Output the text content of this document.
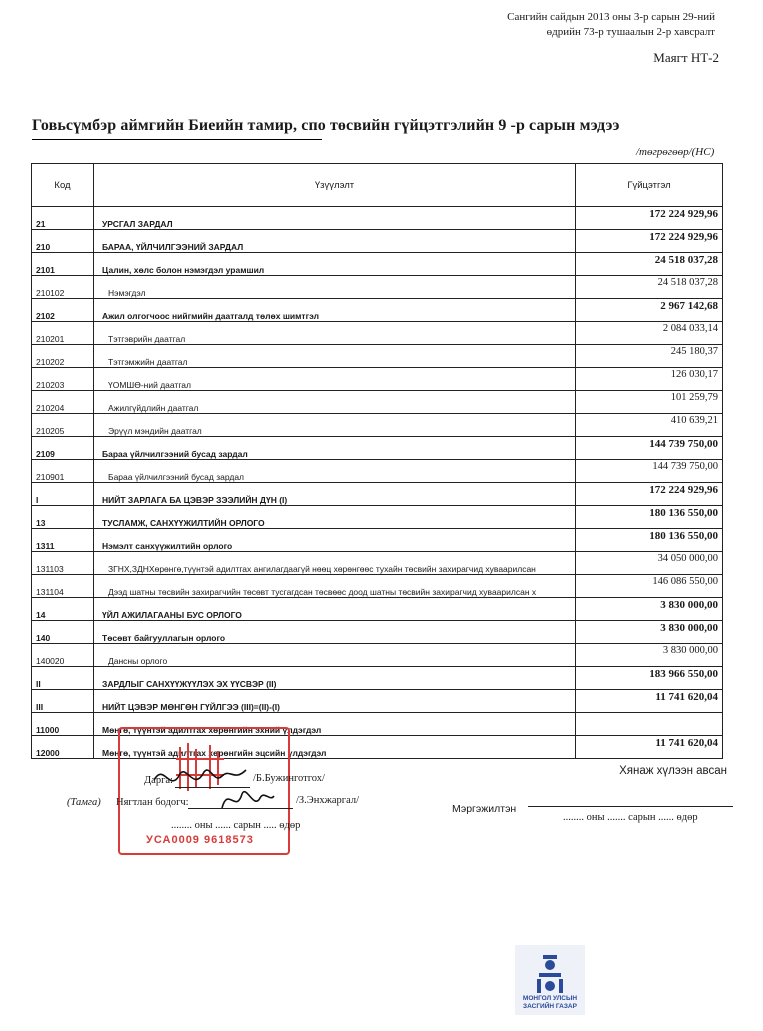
Сангийн сайдын 2013 оны 3-р сарын 29-ний
өдрийн 73-р тушаалын 2-р хавсралт
Маягт НТ-2
Говьсүмбэр аймгийн Биеийн тамир, спо төсвийн гүйцэтгэлийн 9 -р сарын мэдээ
/төгрөгөөр/(НС)
Код	Үзүүлэлт	Гүйцэтгэл
21	УРСГАЛ ЗАРДАЛ	172 224 929,96
210	БАРАА, ҮЙЛЧИЛГЭЭНИЙ ЗАРДАЛ	172 224 929,96
2101	Цалин, хөлс болон нэмэгдэл урамшил	24 518 037,28
210102	Нэмэгдэл	24 518 037,28
2102	Ажил олгогчоос нийгмийн даатгалд төлөх шимтгэл	2 967 142,68
210201	Тэтгэврийн даатгал	2 084 033,14
210202	Тэтгэмжийн даатгал	245 180,37
210203	ҮОМШӨ-ний даатгал	126 030,17
210204	Ажилгүйдлийн даатгал	101 259,79
210205	Эрүүл мэндийн даатгал	410 639,21
2109	Бараа үйлчилгээний бусад зардал	144 739 750,00
210901	Бараа үйлчилгээний бусад зардал	144 739 750,00
I	НИЙТ ЗАРЛАГА БА ЦЭВЭР ЗЭЭЛИЙН ДҮН (I)	172 224 929,96
13	ТУСЛАМЖ, САНХҮҮЖИЛТИЙН ОРЛОГО	180 136 550,00
1311	Нэмэлт санхүүжилтийн орлого	180 136 550,00
131103	ЗГНХ,ЗДНХөрөнгө,түүнтэй адилтгах ангилагдаагүй нөөц хөрөнгөөс тухайн төсвийн захирагчид хуваарилсан	34 050 000,00
131104	Дээд шатны төсвийн захирагчийн төсөвт тусгагдсан төсвөөс доод шатны төсвийн захирагчид хуваарилсан х	146 086 550,00
14	ҮЙЛ АЖИЛАГААНЫ БУС ОРЛОГО	3 830 000,00
140	Төсөвт байгууллагын орлого	3 830 000,00
140020	Дансны орлого	3 830 000,00
II	ЗАРДЛЫГ САНХҮҮЖҮҮЛЭХ ЭХ ҮҮСВЭР (II)	183 966 550,00
III	НИЙТ ЦЭВЭР МӨНГӨН ГҮЙЛГЭЭ (III)=(II)-(I)	11 741 620,04
11000	Мөнгө, түүнтэй адилтгах хөрөнгийн эхний үлдэгдэл	
12000	Мөнгө, түүнтэй адилтгах хөрөнгийн эцсийн үлдэгдэл	11 741 620,04
УСА0009 9618573
Дарга:	/Б.Бужинготгох/
(Тамга) Нягтлан бодогч:	/З.Энхжаргал/
........ оны ...... сарын ..... өдөр
Хянаж хүлээн авсан
Мэргэжилтэн
........ оны ....... сарын ...... өдөр
МОНГОЛ УЛСЫН
ЗАСГИЙН ГАЗАР
